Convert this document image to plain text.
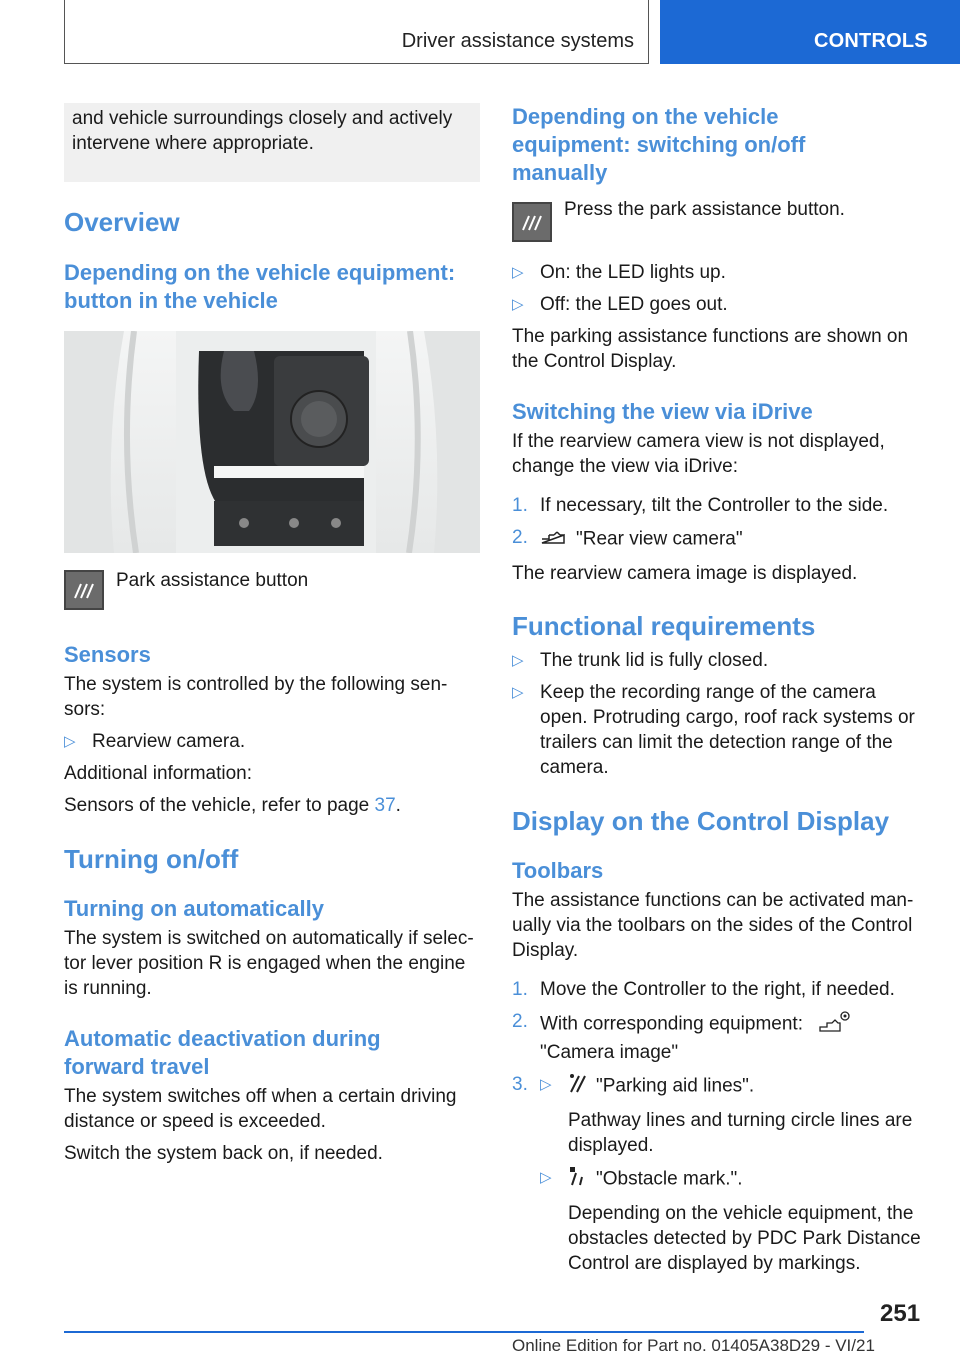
Driver assistance systems	CONTROLS

and vehicle surroundings closely and actively intervene where appropriate.

Overview
Depending on the vehicle equipment: button in the vehicle
Park assistance button
Sensors

The system is controlled by the following sen-sors:

▷ Rearview camera.

Additional information:

Sensors of the vehicle, refer to page 37.

Turning on/off
Turning on automatically

The system is switched on automatically if selec-tor lever position R is engaged when the engine is running.

Automatic deactivation during forward travel

The system switches off when a certain driving distance or speed is exceeded.

Switch the system back on, if needed.

Depending on the vehicle equipment: switching on/off manually
Press the park assistance button.
▷ On: the LED lights up.
▷ Off: the LED goes out.

The parking assistance functions are shown on the Control Display.

Switching the view via iDrive

If the rearview camera view is not displayed, change the view via iDrive:

1. If necessary, tilt the Controller to the side.
2.	"Rear view camera"

The rearview camera image is displayed.

Functional requirements
▷ The trunk lid is fully closed.
▷ Keep the recording range of the camera open. Protruding cargo, roof rack systems or trailers can limit the detection range of the camera.
Display on the Control Display
Toolbars

The assistance functions can be activated man-ually via the toolbars on the sides of the Control Display.

1. Move the Controller to the right, if needed.
2. With corresponding equipment:
"Camera image"
3. ▷ "Parking aid lines".

Pathway lines and turning circle lines are displayed.

▷ "Obstacle mark.".

Depending on the vehicle equipment, the obstacles detected by PDC Park Distance Control are displayed by markings.

251
Online Edition for Part no. 01405A38D29 - VI/21
